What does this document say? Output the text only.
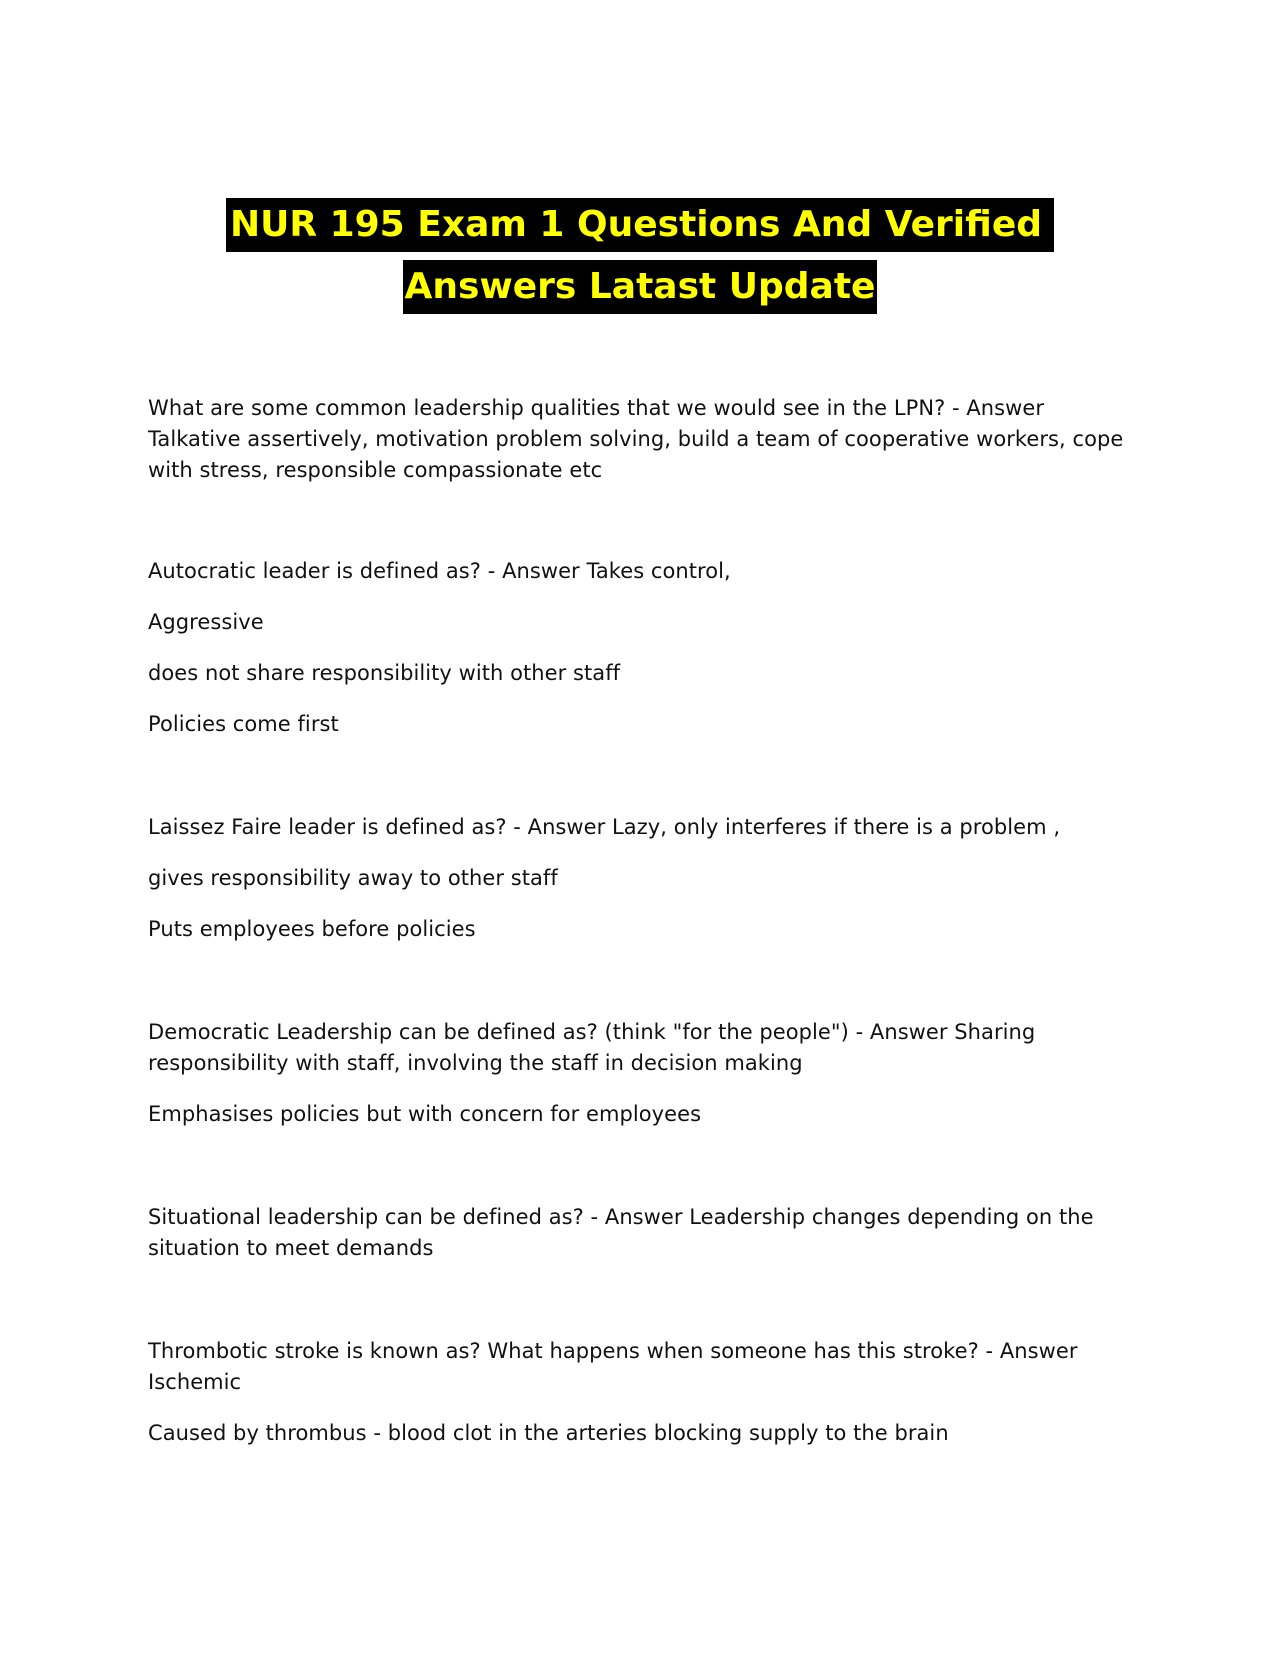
NUR 195 Exam 1 Questions And Verified
Answers Latast Update

What are some common leadership qualities that we would see in the LPN? - Answer Talkative assertively, motivation problem solving, build a team of cooperative workers, cope with stress, responsible compassionate etc

Autocratic leader is defined as? - Answer Takes control,

Aggressive

does not share responsibility with other staff

Policies come first

Laissez Faire leader is defined as? - Answer Lazy, only interferes if there is a problem ,

gives responsibility away to other staff

Puts employees before policies

Democratic Leadership can be defined as? (think "for the people") - Answer Sharing responsibility with staff, involving the staff in decision making

Emphasises policies but with concern for employees

Situational leadership can be defined as? - Answer Leadership changes depending on the situation to meet demands

Thrombotic stroke is known as? What happens when someone has this stroke? - Answer Ischemic

Caused by thrombus - blood clot in the arteries blocking supply to the brain
